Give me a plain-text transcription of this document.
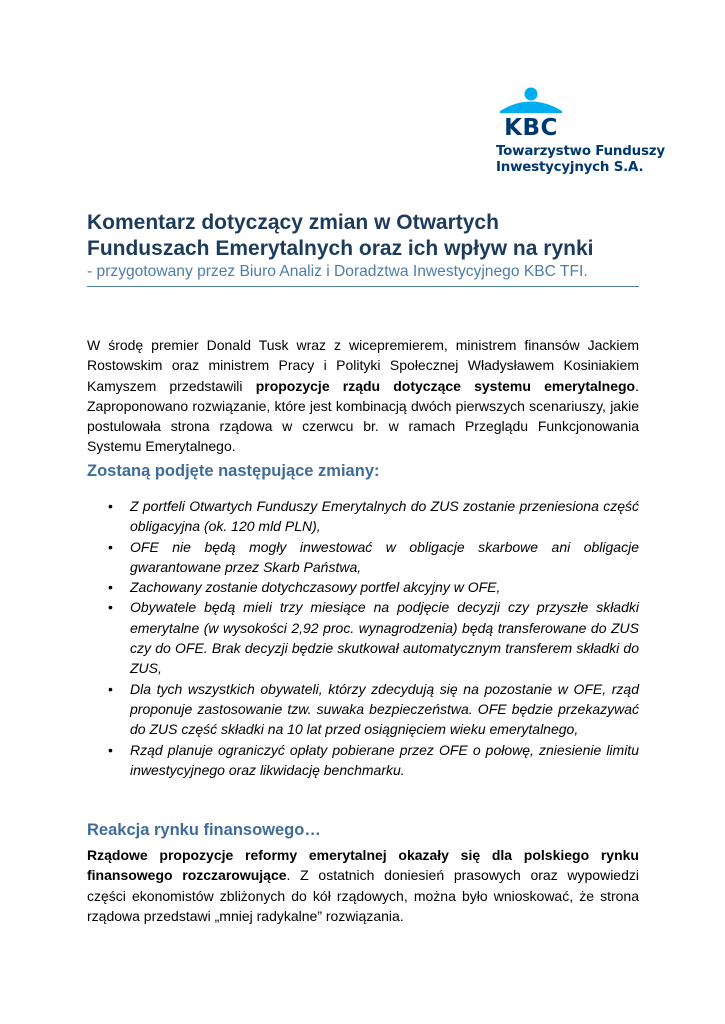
KBC
Towarzystwo Funduszy
Inwestycyjnych S.A.
Komentarz dotyczący zmian w Otwartych
Funduszach Emerytalnych oraz ich wpływ na rynki
- przygotowany przez Biuro Analiz i Doradztwa Inwestycyjnego KBC TFI.
W środę premier Donald Tusk wraz z wicepremierem, ministrem finansów Jackiem Rostowskim oraz ministrem Pracy i Polityki Społecznej Władysławem Kosiniakiem Kamyszem przedstawili propozycje rządu dotyczące systemu emerytalnego. Zaproponowano rozwiązanie, które jest kombinacją dwóch pierwszych scenariuszy, jakie postulowała strona rządowa w czerwcu br. w ramach Przeglądu Funkcjonowania Systemu Emerytalnego.
Zostaną podjęte następujące zmiany:
• Z portfeli Otwartych Funduszy Emerytalnych do ZUS zostanie przeniesiona część obligacyjna (ok. 120 mld PLN),
• OFE nie będą mogły inwestować w obligacje skarbowe ani obligacje gwarantowane przez Skarb Państwa,
• Zachowany zostanie dotychczasowy portfel akcyjny w OFE,
• Obywatele będą mieli trzy miesiące na podjęcie decyzji czy przyszłe składki emerytalne (w wysokości 2,92 proc. wynagrodzenia) będą transferowane do ZUS czy do OFE. Brak decyzji będzie skutkował automatycznym transferem składki do ZUS,
• Dla tych wszystkich obywateli, którzy zdecydują się na pozostanie w OFE, rząd proponuje zastosowanie tzw. suwaka bezpieczeństwa. OFE będzie przekazywać do ZUS część składki na 10 lat przed osiągnięciem wieku emerytalnego,
• Rząd planuje ograniczyć opłaty pobierane przez OFE o połowę, zniesienie limitu inwestycyjnego oraz likwidację benchmarku.
Reakcja rynku finansowego…
Rządowe propozycje reformy emerytalnej okazały się dla polskiego rynku finansowego rozczarowujące. Z ostatnich doniesień prasowych oraz wypowiedzi części ekonomistów zbliżonych do kół rządowych, można było wnioskować, że strona rządowa przedstawi „mniej radykalne” rozwiązania.
